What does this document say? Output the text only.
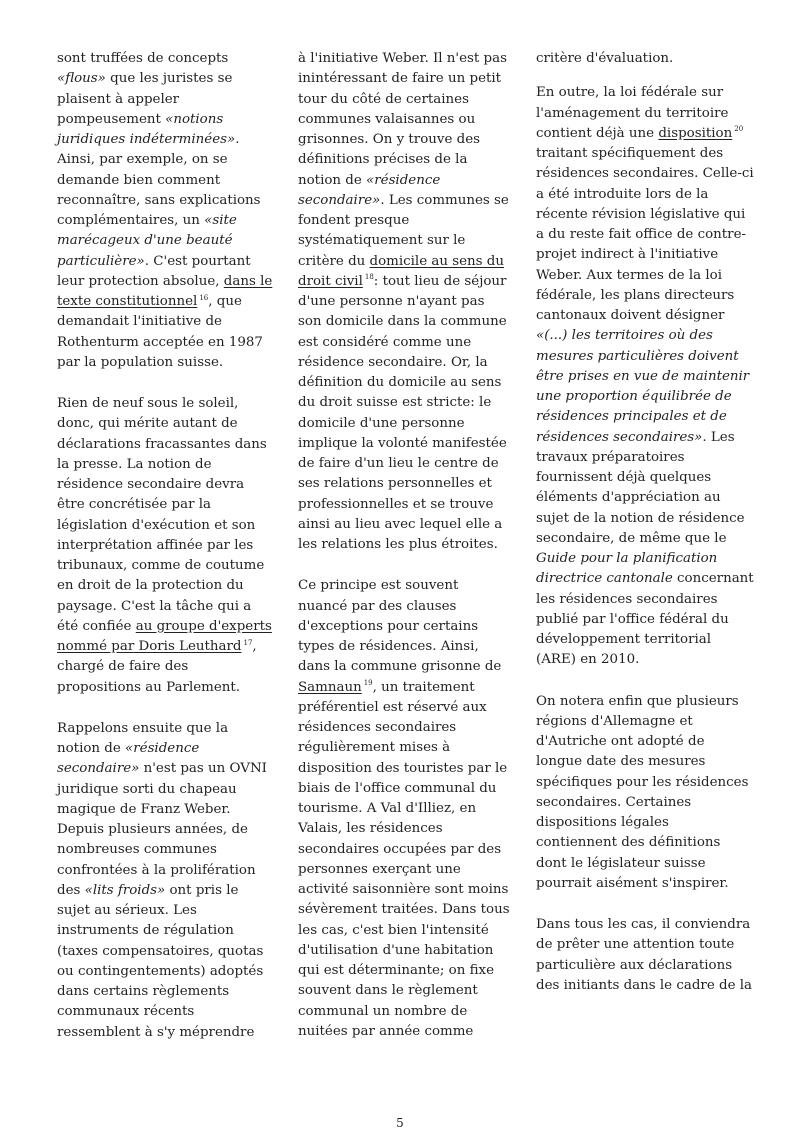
sont truffées de concepts «flous» que les juristes se plaisent à appeler pompeusement «notions juridiques indéterminées». Ainsi, par exemple, on se demande bien comment reconnaître, sans explications complémentaires, un «site marécageux d'une beauté particulière». C'est pourtant leur protection absolue, dans le texte constitutionnel $^{16}$, que demandait l'initiative de Rothenturm acceptée en 1987 par la population suisse.

Rien de neuf sous le soleil, donc, qui mérite autant de déclarations fracassantes dans la presse. La notion de résidence secondaire devra être concrétisée par la législation d'exécution et son interprétation affinée par les tribunaux, comme de coutume en droit de la protection du paysage. C'est la tâche qui a été confiée au groupe d'experts nommé par Doris Leuthard $^{17}$, chargé de faire des propositions au Parlement.

Rappelons ensuite que la notion de «résidence secondaire» n'est pas un OVNI juridique sorti du chapeau magique de Franz Weber. Depuis plusieurs années, de nombreuses communes confrontées à la prolifération des «lits froids» ont pris le sujet au sérieux. Les instruments de régulation (taxes compensatoires, quotas ou contingentements) adoptés dans certains règlements communaux récents ressemblent à s'y méprendre

à l'initiative Weber. Il n'est pas inintéressant de faire un petit tour du côté de certaines communes valaisannes ou grisonnes. On y trouve des définitions précises de la notion de «résidence secondaire». Les communes se fondent presque systématiquement sur le critère du domicile au sens du droit civil $^{18}$: tout lieu de séjour d'une personne n'ayant pas son domicile dans la commune est considéré comme une résidence secondaire. Or, la définition du domicile au sens du droit suisse est stricte: le domicile d'une personne implique la volonté manifestée de faire d'un lieu le centre de ses relations personnelles et professionnelles et se trouve ainsi au lieu avec lequel elle a les relations les plus étroites.

Ce principe est souvent nuancé par des clauses d'exceptions pour certains types de résidences. Ainsi, dans la commune grisonne de Samnaun $^{19}$, un traitement préférentiel est réservé aux résidences secondaires régulièrement mises à disposition des touristes par le biais de l'office communal du tourisme. A Val d'Illiez, en Valais, les résidences secondaires occupées par des personnes exerçant une activité saisonnière sont moins sévèrement traitées. Dans tous les cas, c'est bien l'intensité d'utilisation d'une habitation qui est déterminante; on fixe souvent dans le règlement communal un nombre de nuitées par année comme

critère d'évaluation.

En outre, la loi fédérale sur l'aménagement du territoire contient déjà une disposition $^{20}$ traitant spécifiquement des résidences secondaires. Celle-ci a été introduite lors de la récente révision législative qui a du reste fait office de contre-projet indirect à l'initiative Weber. Aux termes de la loi fédérale, les plans directeurs cantonaux doivent désigner «(...) les territoires où des mesures particulières doivent être prises en vue de maintenir une proportion équilibrée de résidences principales et de résidences secondaires». Les travaux préparatoires fournissent déjà quelques éléments d'appréciation au sujet de la notion de résidence secondaire, de même que le Guide pour la planification directrice cantonale concernant les résidences secondaires publié par l'office fédéral du développement territorial (ARE) en 2010.

On notera enfin que plusieurs régions d'Allemagne et d'Autriche ont adopté de longue date des mesures spécifiques pour les résidences secondaires. Certaines dispositions légales contiennent des définitions dont le législateur suisse pourrait aisément s'inspirer.

Dans tous les cas, il conviendra de prêter une attention toute particulière aux déclarations des initiants dans le cadre de la

5
